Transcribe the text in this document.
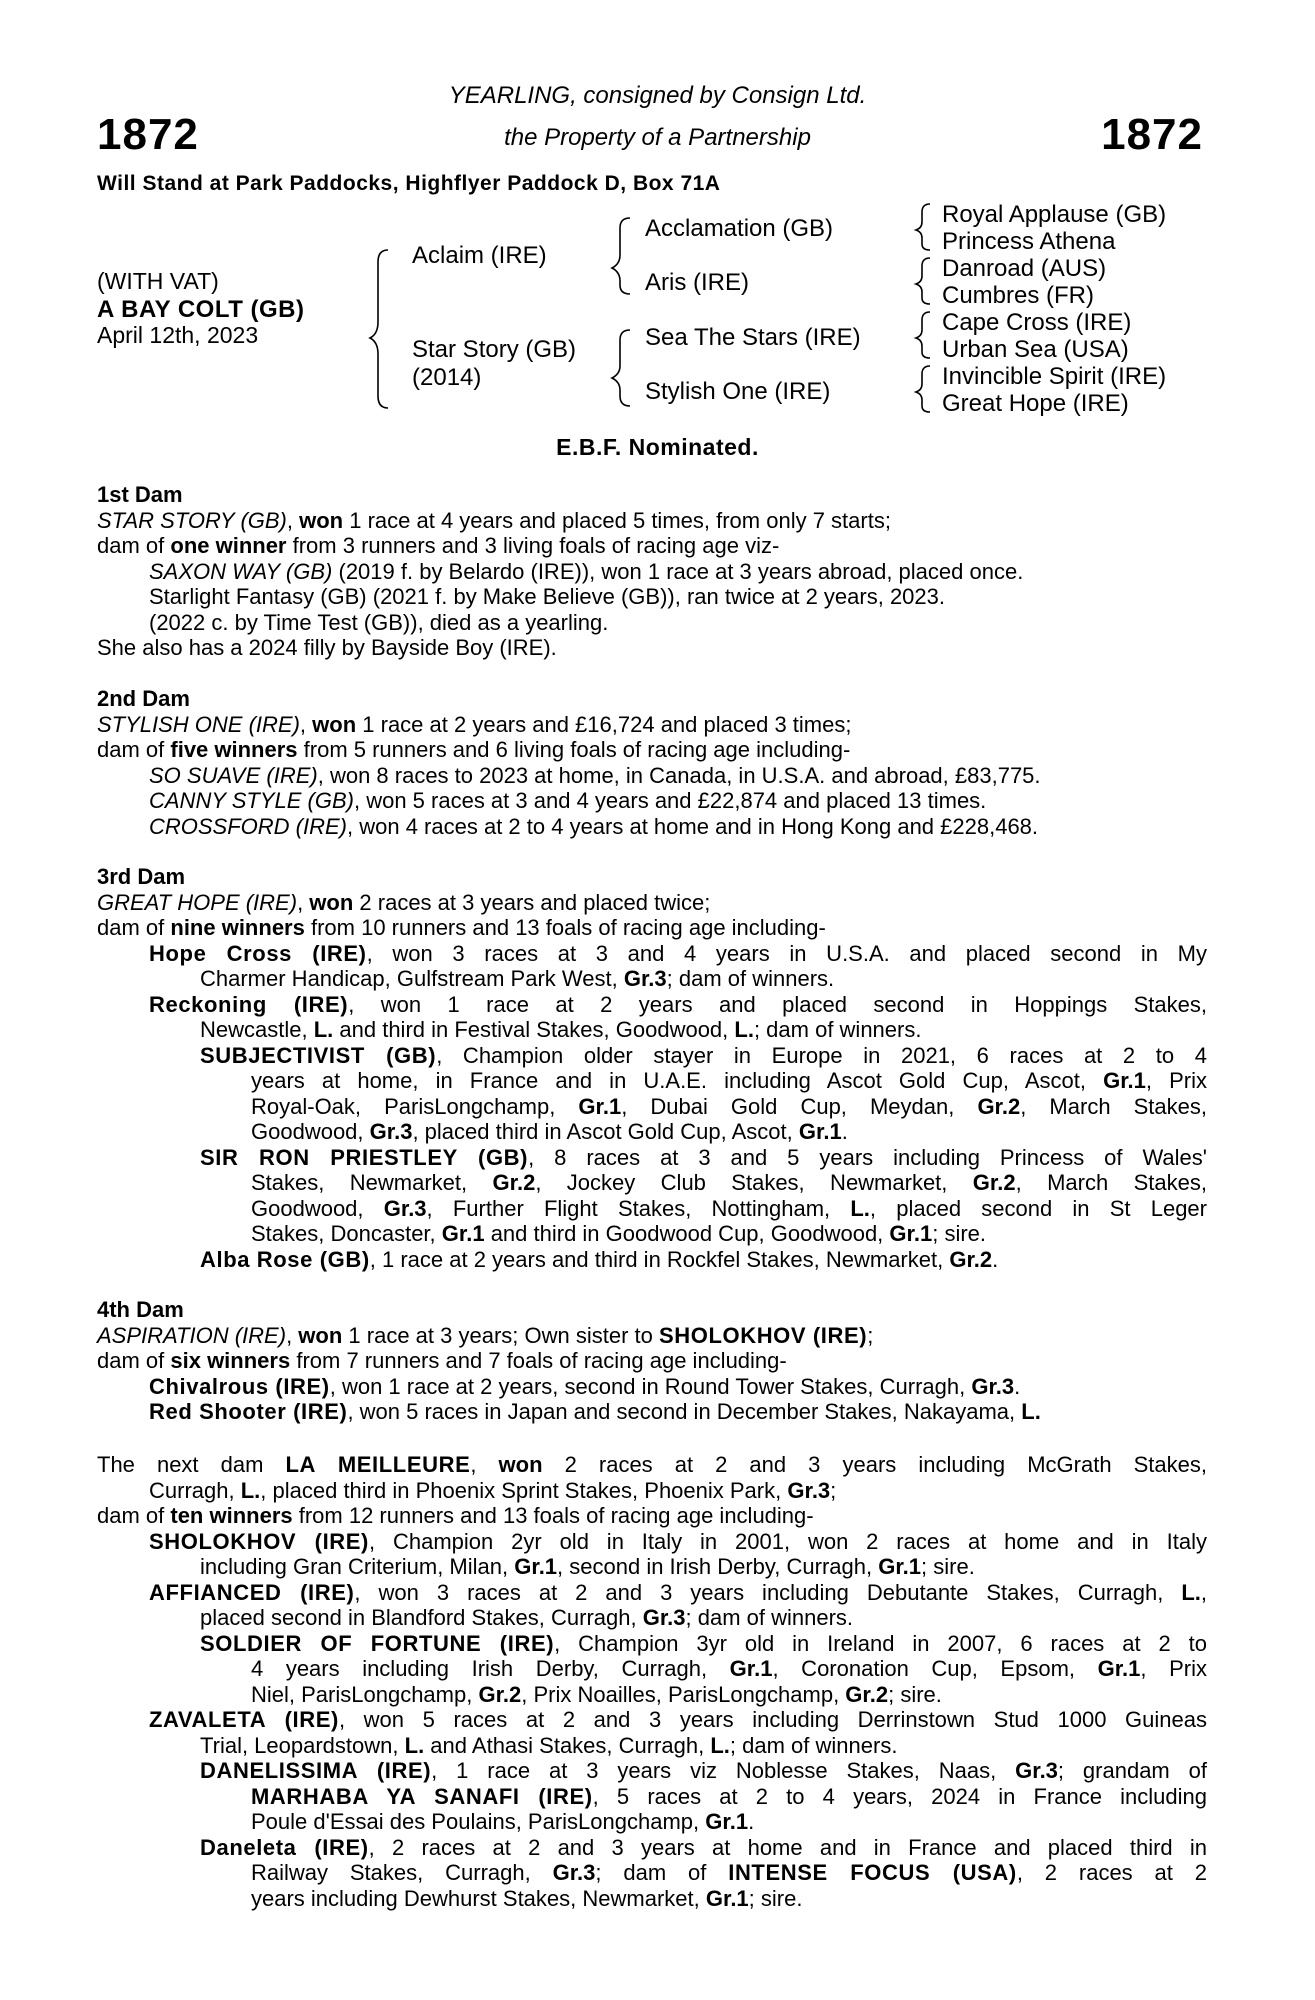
1872	1872
YEARLING, consigned by Consign Ltd.
the Property of a Partnership
Will Stand at Park Paddocks, Highflyer Paddock D, Box 71A
(WITH VAT)
A BAY COLT (GB)
April 12th, 2023
Aclaim (IRE)
Star Story (GB)
(2014)
Acclamation (GB)
Aris (IRE)
Sea The Stars (IRE)
Stylish One (IRE)
Royal Applause (GB)
Princess Athena
Danroad (AUS)
Cumbres (FR)
Cape Cross (IRE)
Urban Sea (USA)
Invincible Spirit (IRE)
Great Hope (IRE)
E.B.F. Nominated.

1st Dam

STAR STORY (GB), won 1 race at 4 years and placed 5 times, from only 7 starts;

dam of one winner from 3 runners and 3 living foals of racing age viz-

SAXON WAY (GB) (2019 f. by Belardo (IRE)), won 1 race at 3 years abroad, placed once.

Starlight Fantasy (GB) (2021 f. by Make Believe (GB)), ran twice at 2 years, 2023.

(2022 c. by Time Test (GB)), died as a yearling.

She also has a 2024 filly by Bayside Boy (IRE).

2nd Dam

STYLISH ONE (IRE), won 1 race at 2 years and £16,724 and placed 3 times;

dam of five winners from 5 runners and 6 living foals of racing age including-

SO SUAVE (IRE), won 8 races to 2023 at home, in Canada, in U.S.A. and abroad, £83,775.

CANNY STYLE (GB), won 5 races at 3 and 4 years and £22,874 and placed 13 times.

CROSSFORD (IRE), won 4 races at 2 to 4 years at home and in Hong Kong and £228,468.

3rd Dam

GREAT HOPE (IRE), won 2 races at 3 years and placed twice;

dam of nine winners from 10 runners and 13 foals of racing age including-

Hope Cross (IRE), won 3 races at 3 and 4 years in U.S.A. and placed second in My

Charmer Handicap, Gulfstream Park West, Gr.3; dam of winners.

Reckoning (IRE), won 1 race at 2 years and placed second in Hoppings Stakes,

Newcastle, L. and third in Festival Stakes, Goodwood, L.; dam of winners.

SUBJECTIVIST (GB), Champion older stayer in Europe in 2021, 6 races at 2 to 4

years at home, in France and in U.A.E. including Ascot Gold Cup, Ascot, Gr.1, Prix

Royal-Oak, ParisLongchamp, Gr.1, Dubai Gold Cup, Meydan, Gr.2, March Stakes,

Goodwood, Gr.3, placed third in Ascot Gold Cup, Ascot, Gr.1.

SIR RON PRIESTLEY (GB), 8 races at 3 and 5 years including Princess of Wales'

Stakes, Newmarket, Gr.2, Jockey Club Stakes, Newmarket, Gr.2, March Stakes,

Goodwood, Gr.3, Further Flight Stakes, Nottingham, L., placed second in St Leger

Stakes, Doncaster, Gr.1 and third in Goodwood Cup, Goodwood, Gr.1; sire.

Alba Rose (GB), 1 race at 2 years and third in Rockfel Stakes, Newmarket, Gr.2.

4th Dam

ASPIRATION (IRE), won 1 race at 3 years; Own sister to SHOLOKHOV (IRE);

dam of six winners from 7 runners and 7 foals of racing age including-

Chivalrous (IRE), won 1 race at 2 years, second in Round Tower Stakes, Curragh, Gr.3.

Red Shooter (IRE), won 5 races in Japan and second in December Stakes, Nakayama, L.

The next dam LA MEILLEURE, won 2 races at 2 and 3 years including McGrath Stakes,

Curragh, L., placed third in Phoenix Sprint Stakes, Phoenix Park, Gr.3;

dam of ten winners from 12 runners and 13 foals of racing age including-

SHOLOKHOV (IRE), Champion 2yr old in Italy in 2001, won 2 races at home and in Italy

including Gran Criterium, Milan, Gr.1, second in Irish Derby, Curragh, Gr.1; sire.

AFFIANCED (IRE), won 3 races at 2 and 3 years including Debutante Stakes, Curragh, L.,

placed second in Blandford Stakes, Curragh, Gr.3; dam of winners.

SOLDIER OF FORTUNE (IRE), Champion 3yr old in Ireland in 2007, 6 races at 2 to

4 years including Irish Derby, Curragh, Gr.1, Coronation Cup, Epsom, Gr.1, Prix

Niel, ParisLongchamp, Gr.2, Prix Noailles, ParisLongchamp, Gr.2; sire.

ZAVALETA (IRE), won 5 races at 2 and 3 years including Derrinstown Stud 1000 Guineas

Trial, Leopardstown, L. and Athasi Stakes, Curragh, L.; dam of winners.

DANELISSIMA (IRE), 1 race at 3 years viz Noblesse Stakes, Naas, Gr.3; grandam of

MARHABA YA SANAFI (IRE), 5 races at 2 to 4 years, 2024 in France including

Poule d'Essai des Poulains, ParisLongchamp, Gr.1.

Daneleta (IRE), 2 races at 2 and 3 years at home and in France and placed third in

Railway Stakes, Curragh, Gr.3; dam of INTENSE FOCUS (USA), 2 races at 2

years including Dewhurst Stakes, Newmarket, Gr.1; sire.
